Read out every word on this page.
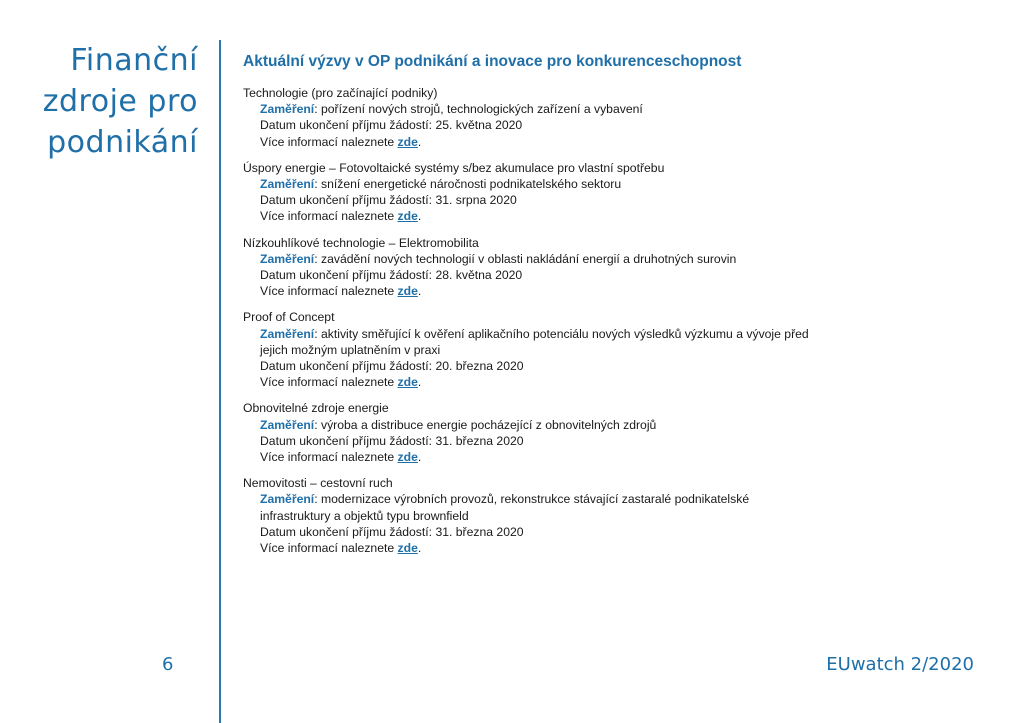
Finanční
zdroje pro
podnikání
Aktuální výzvy v OP podnikání a inovace pro konkurenceschopnost
Technologie (pro začínající podniky)
Zaměření: pořízení nových strojů, technologických zařízení a vybavení
Datum ukončení příjmu žádostí: 25. května 2020
Více informací naleznete zde.
Úspory energie – Fotovoltaické systémy s/bez akumulace pro vlastní spotřebu
Zaměření: snížení energetické náročnosti podnikatelského sektoru
Datum ukončení příjmu žádostí: 31. srpna 2020
Více informací naleznete zde.
Nízkouhlíkové technologie – Elektromobilita
Zaměření: zavádění nových technologií v oblasti nakládání energií a druhotných surovin
Datum ukončení příjmu žádostí: 28. května 2020
Více informací naleznete zde.
Proof of Concept
Zaměření: aktivity směřující k ověření aplikačního potenciálu nových výsledků výzkumu a vývoje před
jejich možným uplatněním v praxi
Datum ukončení příjmu žádostí: 20. března 2020
Více informací naleznete zde.
Obnovitelné zdroje energie
Zaměření: výroba a distribuce energie pocházející z obnovitelných zdrojů
Datum ukončení příjmu žádostí: 31. března 2020
Více informací naleznete zde.
Nemovitosti – cestovní ruch
Zaměření: modernizace výrobních provozů, rekonstrukce stávající zastaralé podnikatelské
infrastruktury a objektů typu brownfield
Datum ukončení příjmu žádostí: 31. března 2020
Více informací naleznete zde.
6	EUwatch 2/2020
